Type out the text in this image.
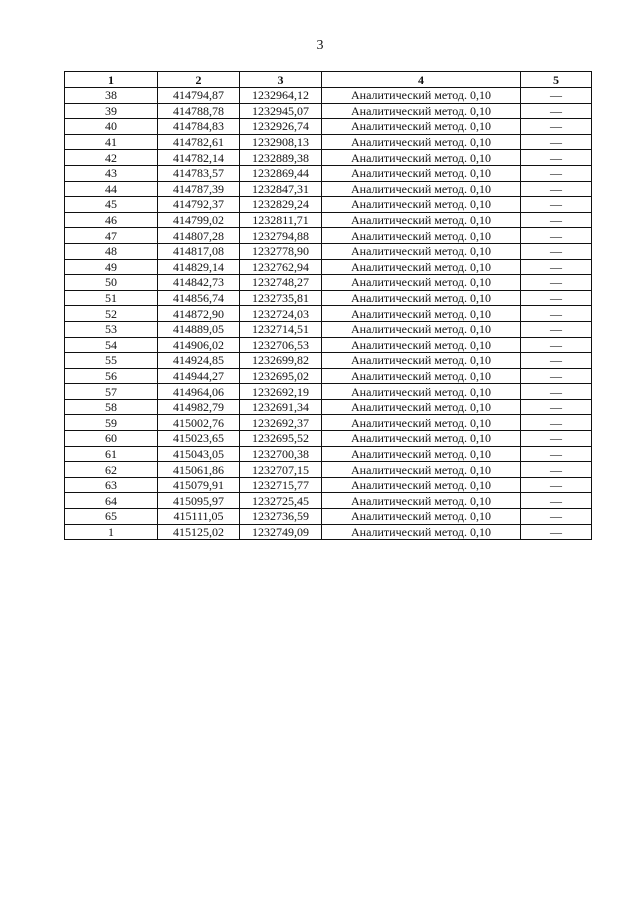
3
1	2	3	4	5
38	414794,87	1232964,12	Аналитический метод. 0,10	—
39	414788,78	1232945,07	Аналитический метод. 0,10	—
40	414784,83	1232926,74	Аналитический метод. 0,10	—
41	414782,61	1232908,13	Аналитический метод. 0,10	—
42	414782,14	1232889,38	Аналитический метод. 0,10	—
43	414783,57	1232869,44	Аналитический метод. 0,10	—
44	414787,39	1232847,31	Аналитический метод. 0,10	—
45	414792,37	1232829,24	Аналитический метод. 0,10	—
46	414799,02	1232811,71	Аналитический метод. 0,10	—
47	414807,28	1232794,88	Аналитический метод. 0,10	—
48	414817,08	1232778,90	Аналитический метод. 0,10	—
49	414829,14	1232762,94	Аналитический метод. 0,10	—
50	414842,73	1232748,27	Аналитический метод. 0,10	—
51	414856,74	1232735,81	Аналитический метод. 0,10	—
52	414872,90	1232724,03	Аналитический метод. 0,10	—
53	414889,05	1232714,51	Аналитический метод. 0,10	—
54	414906,02	1232706,53	Аналитический метод. 0,10	—
55	414924,85	1232699,82	Аналитический метод. 0,10	—
56	414944,27	1232695,02	Аналитический метод. 0,10	—
57	414964,06	1232692,19	Аналитический метод. 0,10	—
58	414982,79	1232691,34	Аналитический метод. 0,10	—
59	415002,76	1232692,37	Аналитический метод. 0,10	—
60	415023,65	1232695,52	Аналитический метод. 0,10	—
61	415043,05	1232700,38	Аналитический метод. 0,10	—
62	415061,86	1232707,15	Аналитический метод. 0,10	—
63	415079,91	1232715,77	Аналитический метод. 0,10	—
64	415095,97	1232725,45	Аналитический метод. 0,10	—
65	415111,05	1232736,59	Аналитический метод. 0,10	—
1	415125,02	1232749,09	Аналитический метод. 0,10	—
